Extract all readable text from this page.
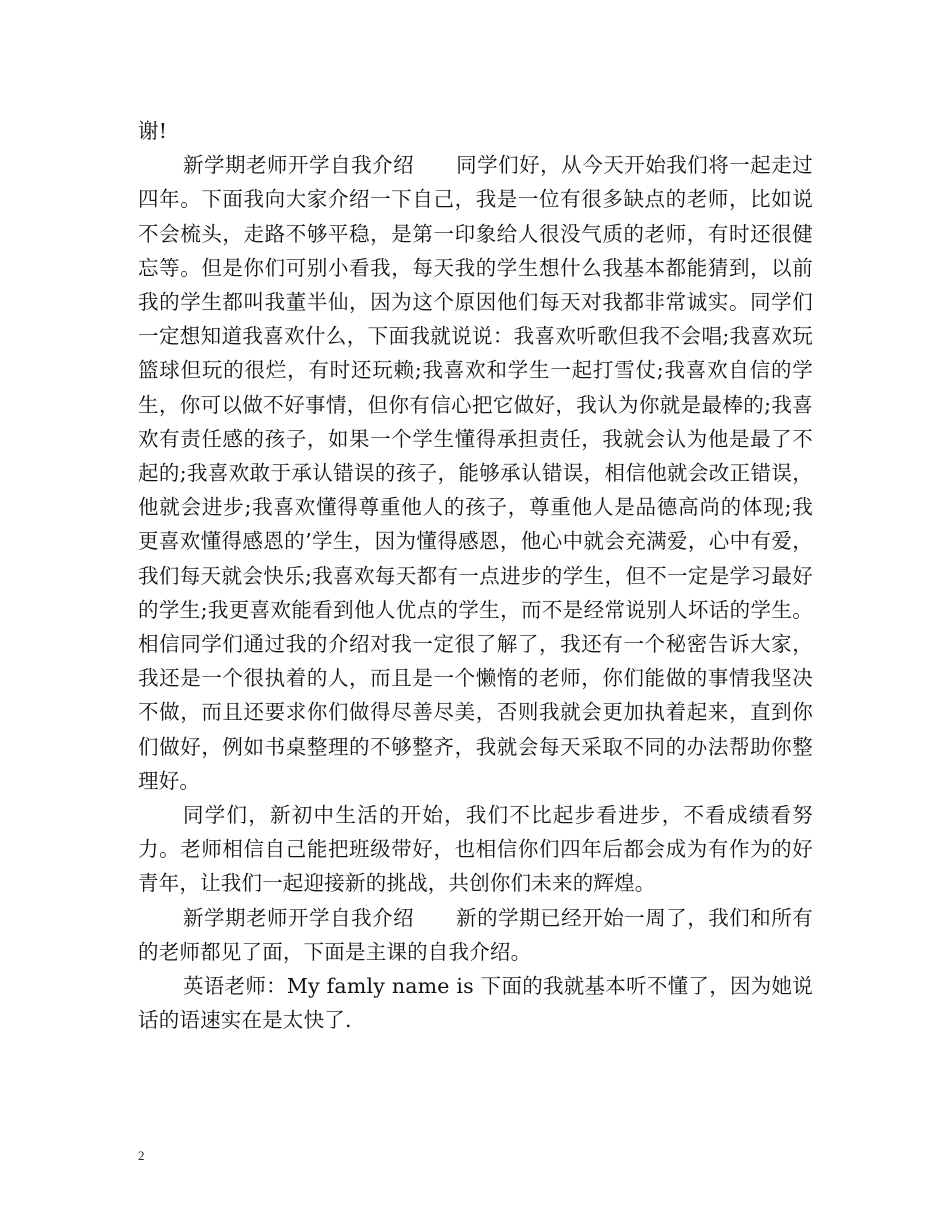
谢!

新学期老师开学自我介绍　　同学们好，从今天开始我们将一起走过四年。下面我向大家介绍一下自己，我是一位有很多缺点的老师，比如说不会梳头，走路不够平稳，是第一印象给人很没气质的老师，有时还很健忘等。但是你们可别小看我，每天我的学生想什么我基本都能猜到，以前我的学生都叫我董半仙，因为这个原因他们每天对我都非常诚实。同学们一定想知道我喜欢什么，下面我就说说：我喜欢听歌但我不会唱;我喜欢玩篮球但玩的很烂，有时还玩赖;我喜欢和学生一起打雪仗;我喜欢自信的学生，你可以做不好事情，但你有信心把它做好，我认为你就是最棒的;我喜欢有责任感的孩子，如果一个学生懂得承担责任，我就会认为他是最了不起的;我喜欢敢于承认错误的孩子，能够承认错误，相信他就会改正错误，他就会进步;我喜欢懂得尊重他人的孩子，尊重他人是品德高尚的体现;我更喜欢懂得感恩的’学生，因为懂得感恩，他心中就会充满爱，心中有爱，我们每天就会快乐;我喜欢每天都有一点进步的学生，但不一定是学习最好的学生;我更喜欢能看到他人优点的学生，而不是经常说别人坏话的学生。相信同学们通过我的介绍对我一定很了解了，我还有一个秘密告诉大家，我还是一个很执着的人，而且是一个懒惰的老师，你们能做的事情我坚决不做，而且还要求你们做得尽善尽美，否则我就会更加执着起来，直到你们做好，例如书桌整理的不够整齐，我就会每天采取不同的办法帮助你整理好。

同学们，新初中生活的开始，我们不比起步看进步，不看成绩看努力。老师相信自己能把班级带好，也相信你们四年后都会成为有作为的好青年，让我们一起迎接新的挑战，共创你们未来的辉煌。

新学期老师开学自我介绍　　新的学期已经开始一周了，我们和所有的老师都见了面，下面是主课的自我介绍。

英语老师：My famly name is 下面的我就基本听不懂了，因为她说话的语速实在是太快了.

2
